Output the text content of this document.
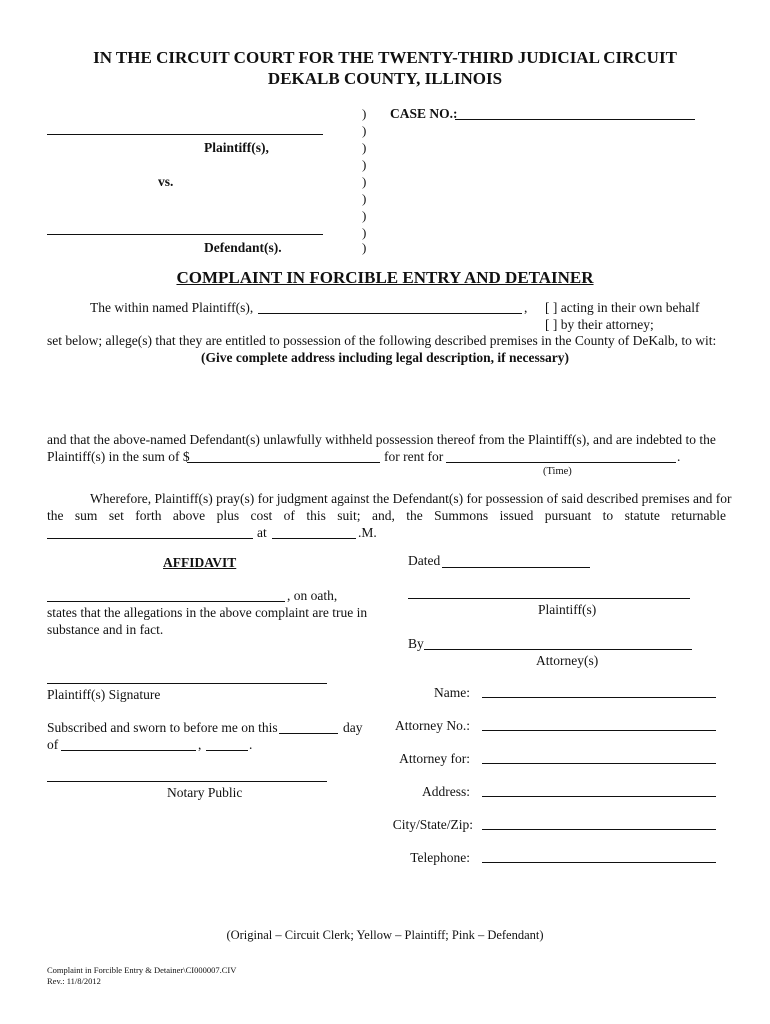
IN THE CIRCUIT COURT FOR THE TWENTY-THIRD JUDICIAL CIRCUIT
DEKALB COUNTY, ILLINOIS
)
)
)
)
)
)
)
)
)
CASE NO.:
Plaintiff(s),
vs.
Defendant(s).
COMPLAINT IN FORCIBLE ENTRY AND DETAINER
The within named Plaintiff(s),	, [ ] acting in their own behalf
[ ] by their attorney;
set below; allege(s) that they are entitled to possession of the following described premises in the County of DeKalb, to wit:
(Give complete address including legal description, if necessary)
and that the above-named Defendant(s) unlawfully withheld possession thereof from the Plaintiff(s), and are indebted to the
Plaintiff(s) in the sum of $	for rent for	.
(Time)
Wherefore, Plaintiff(s) pray(s) for judgment against the Defendant(s) for possession of said described premises and for
the sum set forth above plus cost of this suit; and, the Summons issued pursuant to statute returnable
at	.M.
AFFIDAVIT
, on oath,
states that the allegations in the above complaint are true in
substance and in fact.
Plaintiff(s) Signature
Subscribed and sworn to before me on this	day
of	,	.
Notary Public
Dated
Plaintiff(s)
By
Attorney(s)
Name:
Attorney No.:
Attorney for:
Address:
City/State/Zip:
Telephone:
(Original – Circuit Clerk; Yellow – Plaintiff; Pink – Defendant)
Complaint in Forcible Entry & Detainer\CI000007.CIV
Rev.: 11/8/2012
